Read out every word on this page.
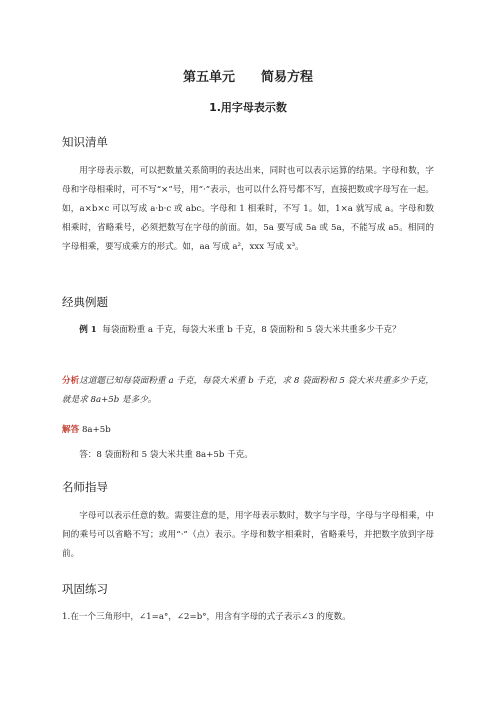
第五单元 简易方程
1.用字母表示数
知识清单

用字母表示数，可以把数量关系简明的表达出来，同时也可以表示运算的结果。字母和数，字母和字母相乘时，可不写“×”号，用“·”表示，也可以什么符号都不写，直接把数或字母写在一起。如，a×b×c 可以写成 a·b·c 或 abc。字母和 1 相乘时，不写 1。如，1×a 就写成 a。字母和数相乘时，省略乘号，必须把数写在字母的前面。如，5a 要写成 5a 或 5a，不能写成 a5。相同的字母相乘，要写成乘方的形式。如，aa 写成 a²，xxx 写成 x³。

经典例题

例 1 每袋面粉重 a 千克，每袋大米重 b 千克，8 袋面粉和 5 袋大米共重多少千克？

分析这道题已知每袋面粉重 a 千克，每袋大米重 b 千克，求 8 袋面粉和 5 袋大米共重多少千克，就是求 8a+5b 是多少。

解答 8a+5b

答：8 袋面粉和 5 袋大米共重 8a+5b 千克。

名师指导

字母可以表示任意的数。需要注意的是，用字母表示数时，数字与字母，字母与字母相乘，中间的乘号可以省略不写；或用“·”（点）表示。字母和数字相乘时，省略乘号，并把数字放到字母前。

巩固练习

1.在一个三角形中，∠1=a°，∠2=b°，用含有字母的式子表示∠3 的度数。
